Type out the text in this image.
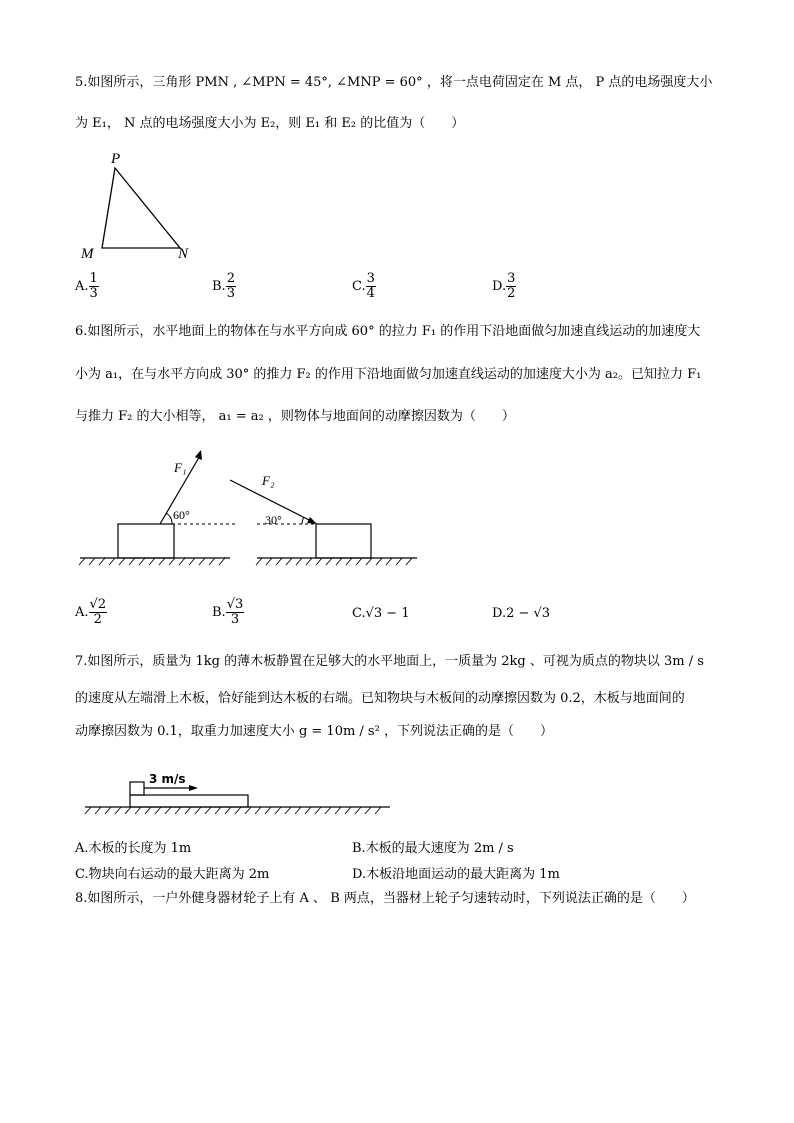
5.如图所示，三角形 PMN , ∠MPN = 45°, ∠MNP = 60° ，将一点电荷固定在 M 点， P 点的电场强度大小
为 E₁， N 点的电场强度大小为 E₂，则 E₁ 和 E₂ 的比值为（　　）
P
M	N
A. $\frac{1}{3}$	B. $\frac{2}{3}$	C. $\frac{3}{4}$	D. $\frac{3}{2}$
6.如图所示，水平地面上的物体在与水平方向成 60° 的拉力 F₁ 的作用下沿地面做匀加速直线运动的加速度大
小为 a₁，在与水平方向成 30° 的推力 F₂ 的作用下沿地面做匀加速直线运动的加速度大小为 a₂。已知拉力 F₁
与推力 F₂ 的大小相等， a₁ = a₂ ，则物体与地面间的动摩擦因数为（　　）
F₁
60°
F₂
30°
A. $\frac{√2}{2}$	B. $\frac{√3}{3}$	C.√3 − 1	D.2 − √3
7.如图所示，质量为 1kg 的薄木板静置在足够大的水平地面上，一质量为 2kg 、可视为质点的物块以 3m / s
的速度从左端滑上木板，恰好能到达木板的右端。已知物块与木板间的动摩擦因数为 0.2，木板与地面间的
动摩擦因数为 0.1，取重力加速度大小 g = 10m / s² ，下列说法正确的是（　　）
3 m/s
A.木板的长度为 1m	B.木板的最大速度为 2m / s
C.物块向右运动的最大距离为 2m	D.木板沿地面运动的最大距离为 1m
8.如图所示，一户外健身器材轮子上有 A 、 B 两点，当器材上轮子匀速转动时，下列说法正确的是（　　）
